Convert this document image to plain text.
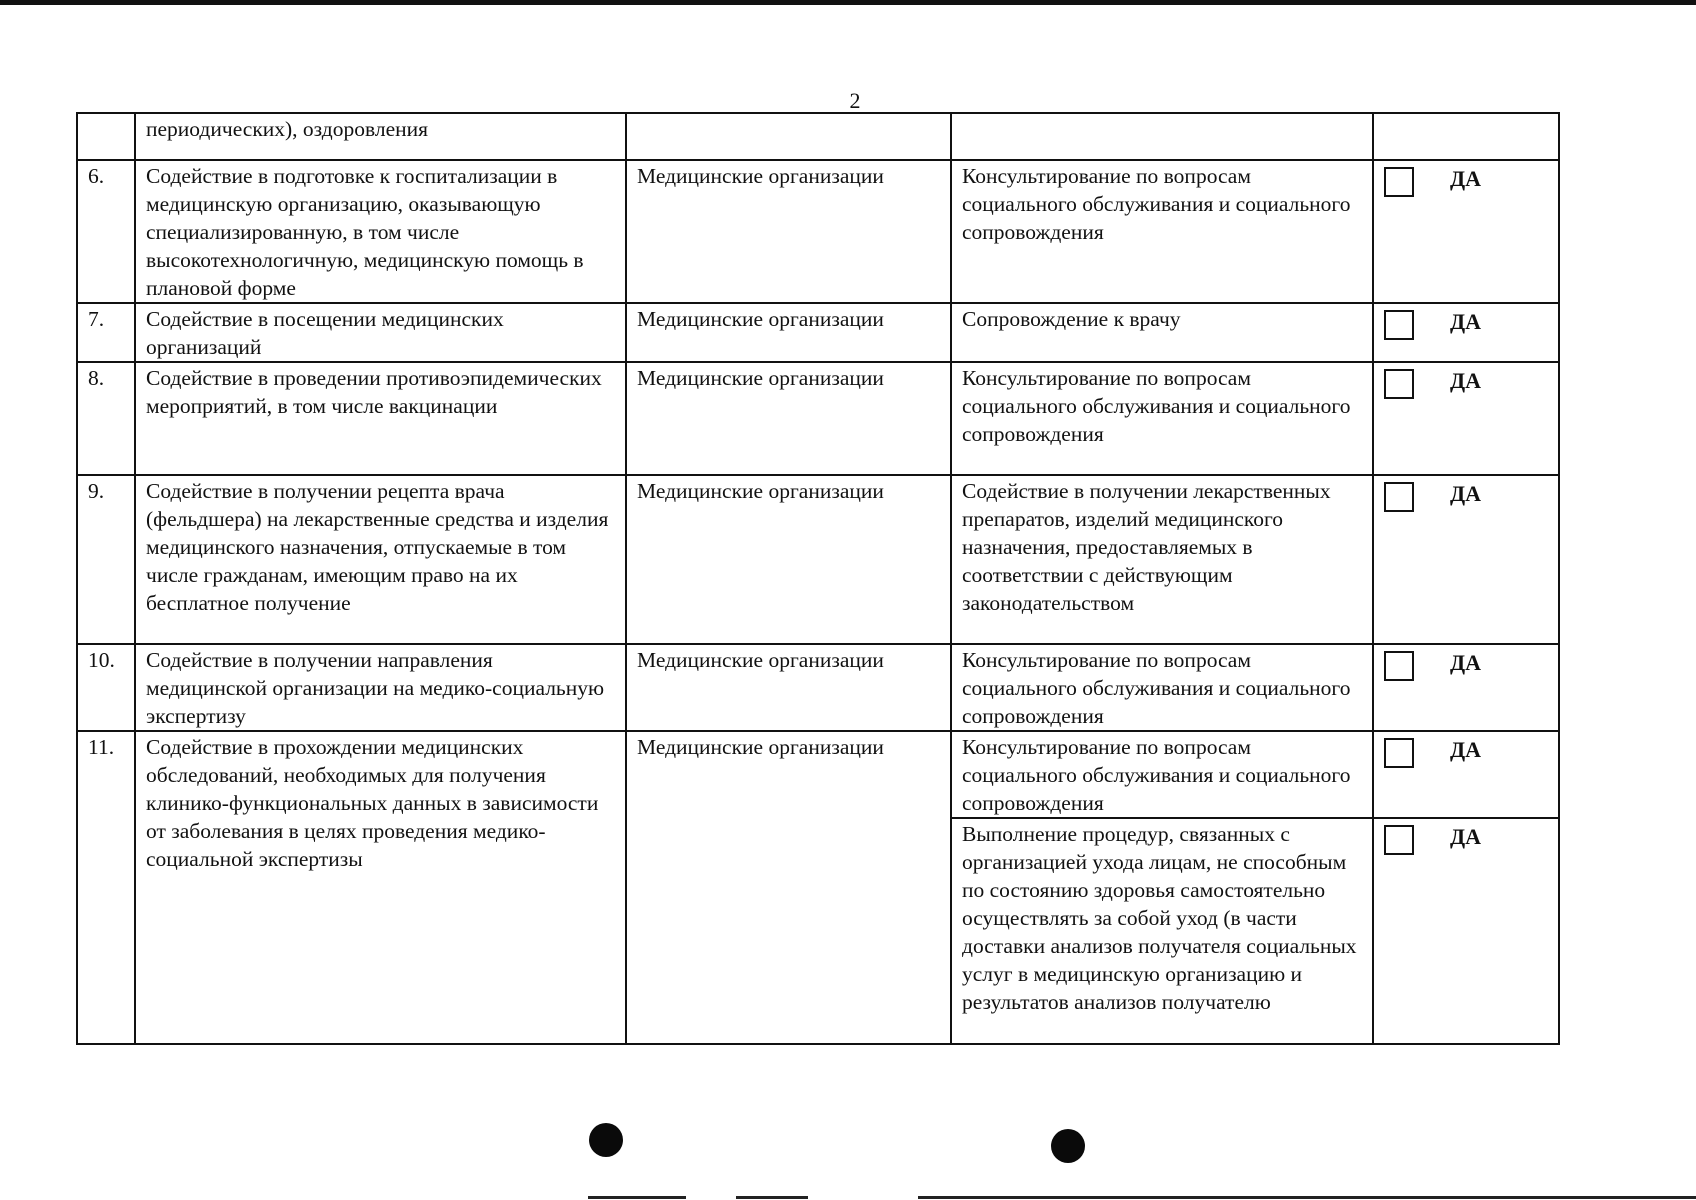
2
	периодических), оздоровления			
6.	Содействие в подготовке к госпитализации в медицинскую организацию, оказывающую специализированную, в том числе высокотехнологичную, медицинскую помощь в плановой форме	Медицинские организации	Консультирование по вопросам социального обслуживания и социального сопровождения	ДА

7.	Содействие в посещении медицинских организаций	Медицинские организации	Сопровождение к врачу	ДА

8.	Содействие в проведении противоэпидемических мероприятий, в том числе вакцинации	Медицинские организации	Консультирование по вопросам социального обслуживания и социального сопровождения	ДА

9.	Содействие в получении рецепта врача (фельдшера) на лекарственные средства и изделия медицинского назначения, отпускаемые в том числе гражданам, имеющим право на их бесплатное получение	Медицинские организации	Содействие в получении лекарственных препаратов, изделий медицинского назначения, предоставляемых в соответствии с действующим законодательством	ДА

10.	Содействие в получении направления медицинской организации на медико-социальную экспертизу	Медицинские организации	Консультирование по вопросам социального обслуживания и социального сопровождения	ДА

11.	Содействие в прохождении медицинских обследований, необходимых для получения клинико-функциональных данных в зависимости от заболевания в целях проведения медико-социальной экспертизы	Медицинские организации	Консультирование по вопросам социального обслуживания и социального сопровождения	ДА

			Выполнение процедур, связанных с организацией ухода лицам, не способным по состоянию здоровья самостоятельно осуществлять за собой уход (в части доставки анализов получателя социальных услуг в медицинскую организацию и результатов анализов получателю	ДА
